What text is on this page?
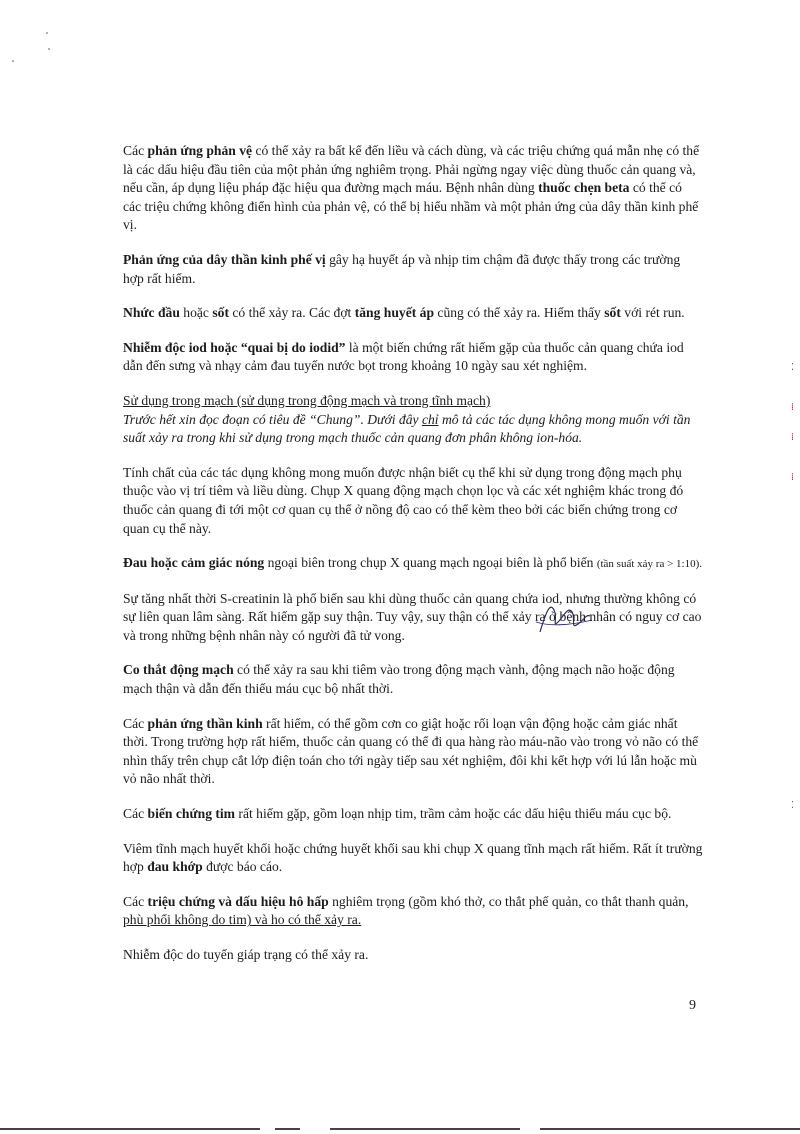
Các phản ứng phản vệ có thể xảy ra bất kể đến liều và cách dùng, và các triệu chứng quá mẫn nhẹ có thể là các dấu hiệu đầu tiên của một phản ứng nghiêm trọng. Phải ngừng ngay việc dùng thuốc cản quang và, nếu cần, áp dụng liệu pháp đặc hiệu qua đường mạch máu. Bệnh nhân dùng thuốc chẹn beta có thể có các triệu chứng không điển hình của phản vệ, có thể bị hiểu nhầm và một phản ứng của dây thần kinh phế vị.

Phản ứng của dây thần kinh phế vị gây hạ huyết áp và nhịp tim chậm đã được thấy trong các trường hợp rất hiếm.

Nhức đầu hoặc sốt có thể xảy ra. Các đợt tăng huyết áp cũng có thể xảy ra. Hiếm thấy sốt với rét run.

Nhiễm độc iod hoặc “quai bị do iodid” là một biến chứng rất hiếm gặp của thuốc cản quang chứa iod dẫn đến sưng và nhạy cảm đau tuyến nước bọt trong khoảng 10 ngày sau xét nghiệm.

Sử dụng trong mạch (sử dụng trong động mạch và trong tĩnh mạch)
Trước hết xin đọc đoạn có tiêu đề “Chung”. Dưới đây chỉ mô tả các tác dụng không mong muốn với tần suất xảy ra trong khi sử dụng trong mạch thuốc cản quang đơn phân không ion-hóa.

Tính chất của các tác dụng không mong muốn được nhận biết cụ thể khi sử dụng trong động mạch phụ thuộc vào vị trí tiêm và liều dùng. Chụp X quang động mạch chọn lọc và các xét nghiệm khác trong đó thuốc cản quang đi tới một cơ quan cụ thể ở nồng độ cao có thể kèm theo bởi các biến chứng trong cơ quan cụ thể này.

Đau hoặc cảm giác nóng ngoại biên trong chụp X quang mạch ngoại biên là phổ biến (tần suất xảy ra > 1:10).

Sự tăng nhất thời S-creatinin là phổ biến sau khi dùng thuốc cản quang chứa iod, nhưng thường không có sự liên quan lâm sàng. Rất hiếm gặp suy thận. Tuy vậy, suy thận có thể xảy ra ở bệnh nhân có nguy cơ cao và trong những bệnh nhân này có người đã tử vong.

Co thắt động mạch có thể xảy ra sau khi tiêm vào trong động mạch vành, động mạch não hoặc động mạch thận và dẫn đến thiếu máu cục bộ nhất thời.

Các phản ứng thần kinh rất hiếm, có thể gồm cơn co giật hoặc rối loạn vận động hoặc cảm giác nhất thời. Trong trường hợp rất hiếm, thuốc cản quang có thể đi qua hàng rào máu-não vào trong vỏ não có thể nhìn thấy trên chụp cắt lớp điện toán cho tới ngày tiếp sau xét nghiệm, đôi khi kết hợp với lú lẫn hoặc mù vỏ não nhất thời.

Các biến chứng tim rất hiếm gặp, gồm loạn nhịp tim, trầm cảm hoặc các dấu hiệu thiếu máu cục bộ.

Viêm tĩnh mạch huyết khối hoặc chứng huyết khối sau khi chụp X quang tĩnh mạch rất hiếm. Rất ít trường hợp đau khớp được báo cáo.

Các triệu chứng và dấu hiệu hô hấp nghiêm trọng (gồm khó thở, co thắt phế quản, co thắt thanh quản, phù phổi không do tim) và ho có thể xảy ra.

Nhiễm độc do tuyến giáp trạng có thể xảy ra.

9
⁚
⁞
⁞
⁞
⁚
